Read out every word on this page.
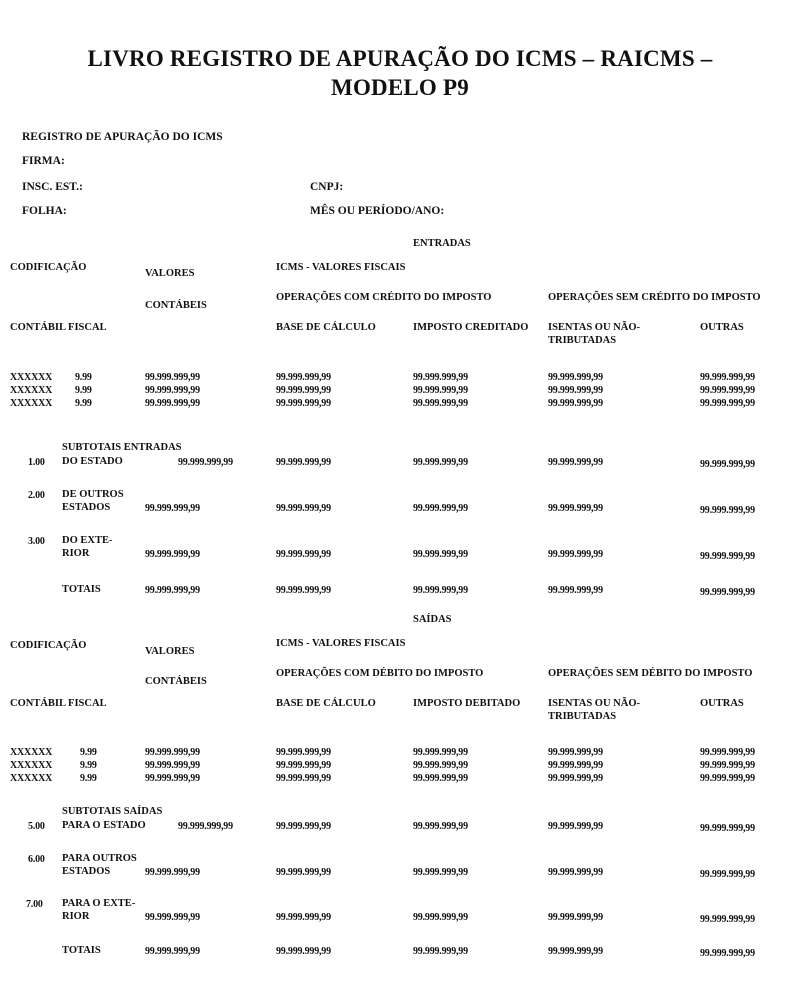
LIVRO REGISTRO DE APURAÇÃO DO ICMS – RAICMS –
MODELO P9
REGISTRO DE APURAÇÃO DO ICMS
FIRMA:
INSC. EST.:	CNPJ:
FOLHA:	MÊS OU PERÍODO/ANO:
ENTRADAS
CODIFICAÇÃO
VALORES
ICMS - VALORES FISCAIS
OPERAÇÕES COM CRÉDITO DO IMPOSTO	OPERAÇÕES SEM CRÉDITO DO IMPOSTO
CONTÁBEIS
CONTÁBIL FISCAL	BASE DE CÁLCULO	IMPOSTO CREDITADO ISENTAS OU NÃO-
TRIBUTADAS
OUTRAS
XXXXXX 9.99	99.999.999,99	99.999.999,99	99.999.999,99	99.999.999,99	99.999.999,99
XXXXXX 9.99	99.999.999,99	99.999.999,99	99.999.999,99	99.999.999,99	99.999.999,99
XXXXXX 9.99	99.999.999,99	99.999.999,99	99.999.999,99	99.999.999,99	99.999.999,99
SUBTOTAIS ENTRADAS
1.00 DO ESTADO	99.999.999,99	99.999.999,99	99.999.999,99	99.999.999,99	99.999.999,99
2.00 DE OUTROS
ESTADOS	99.999.999,99	99.999.999,99	99.999.999,99	99.999.999,99	99.999.999,99
3.00 DO EXTE-
RIOR	99.999.999,99	99.999.999,99	99.999.999,99	99.999.999,99	99.999.999,99
TOTAIS	99.999.999,99	99.999.999,99	99.999.999,99	99.999.999,99	99.999.999,99
SAÍDAS
CODIFICAÇÃO
VALORES
ICMS - VALORES FISCAIS
OPERAÇÕES COM DÉBITO DO IMPOSTO	OPERAÇÕES SEM DÉBITO DO IMPOSTO
CONTÁBEIS
CONTÁBIL FISCAL	BASE DE CÁLCULO	IMPOSTO DEBITADO	ISENTAS OU NÃO-
TRIBUTADAS
OUTRAS
XXXXXX	9.99	99.999.999,99	99.999.999,99	99.999.999,99	99.999.999,99	99.999.999,99
XXXXXX	9.99	99.999.999,99	99.999.999,99	99.999.999,99	99.999.999,99	99.999.999,99
XXXXXX	9.99	99.999.999,99	99.999.999,99	99.999.999,99	99.999.999,99	99.999.999,99
SUBTOTAIS SAÍDAS
5.00 PARA O ESTADO	99.999.999,99	99.999.999,99	99.999.999,99	99.999.999,99	99.999.999,99
6.00 PARA OUTROS
ESTADOS	99.999.999,99	99.999.999,99	99.999.999,99	99.999.999,99	99.999.999,99
7.00 PARA O EXTE-
RIOR	99.999.999,99	99.999.999,99	99.999.999,99	99.999.999,99	99.999.999,99
TOTAIS	99.999.999,99	99.999.999,99	99.999.999,99	99.999.999,99	99.999.999,99
